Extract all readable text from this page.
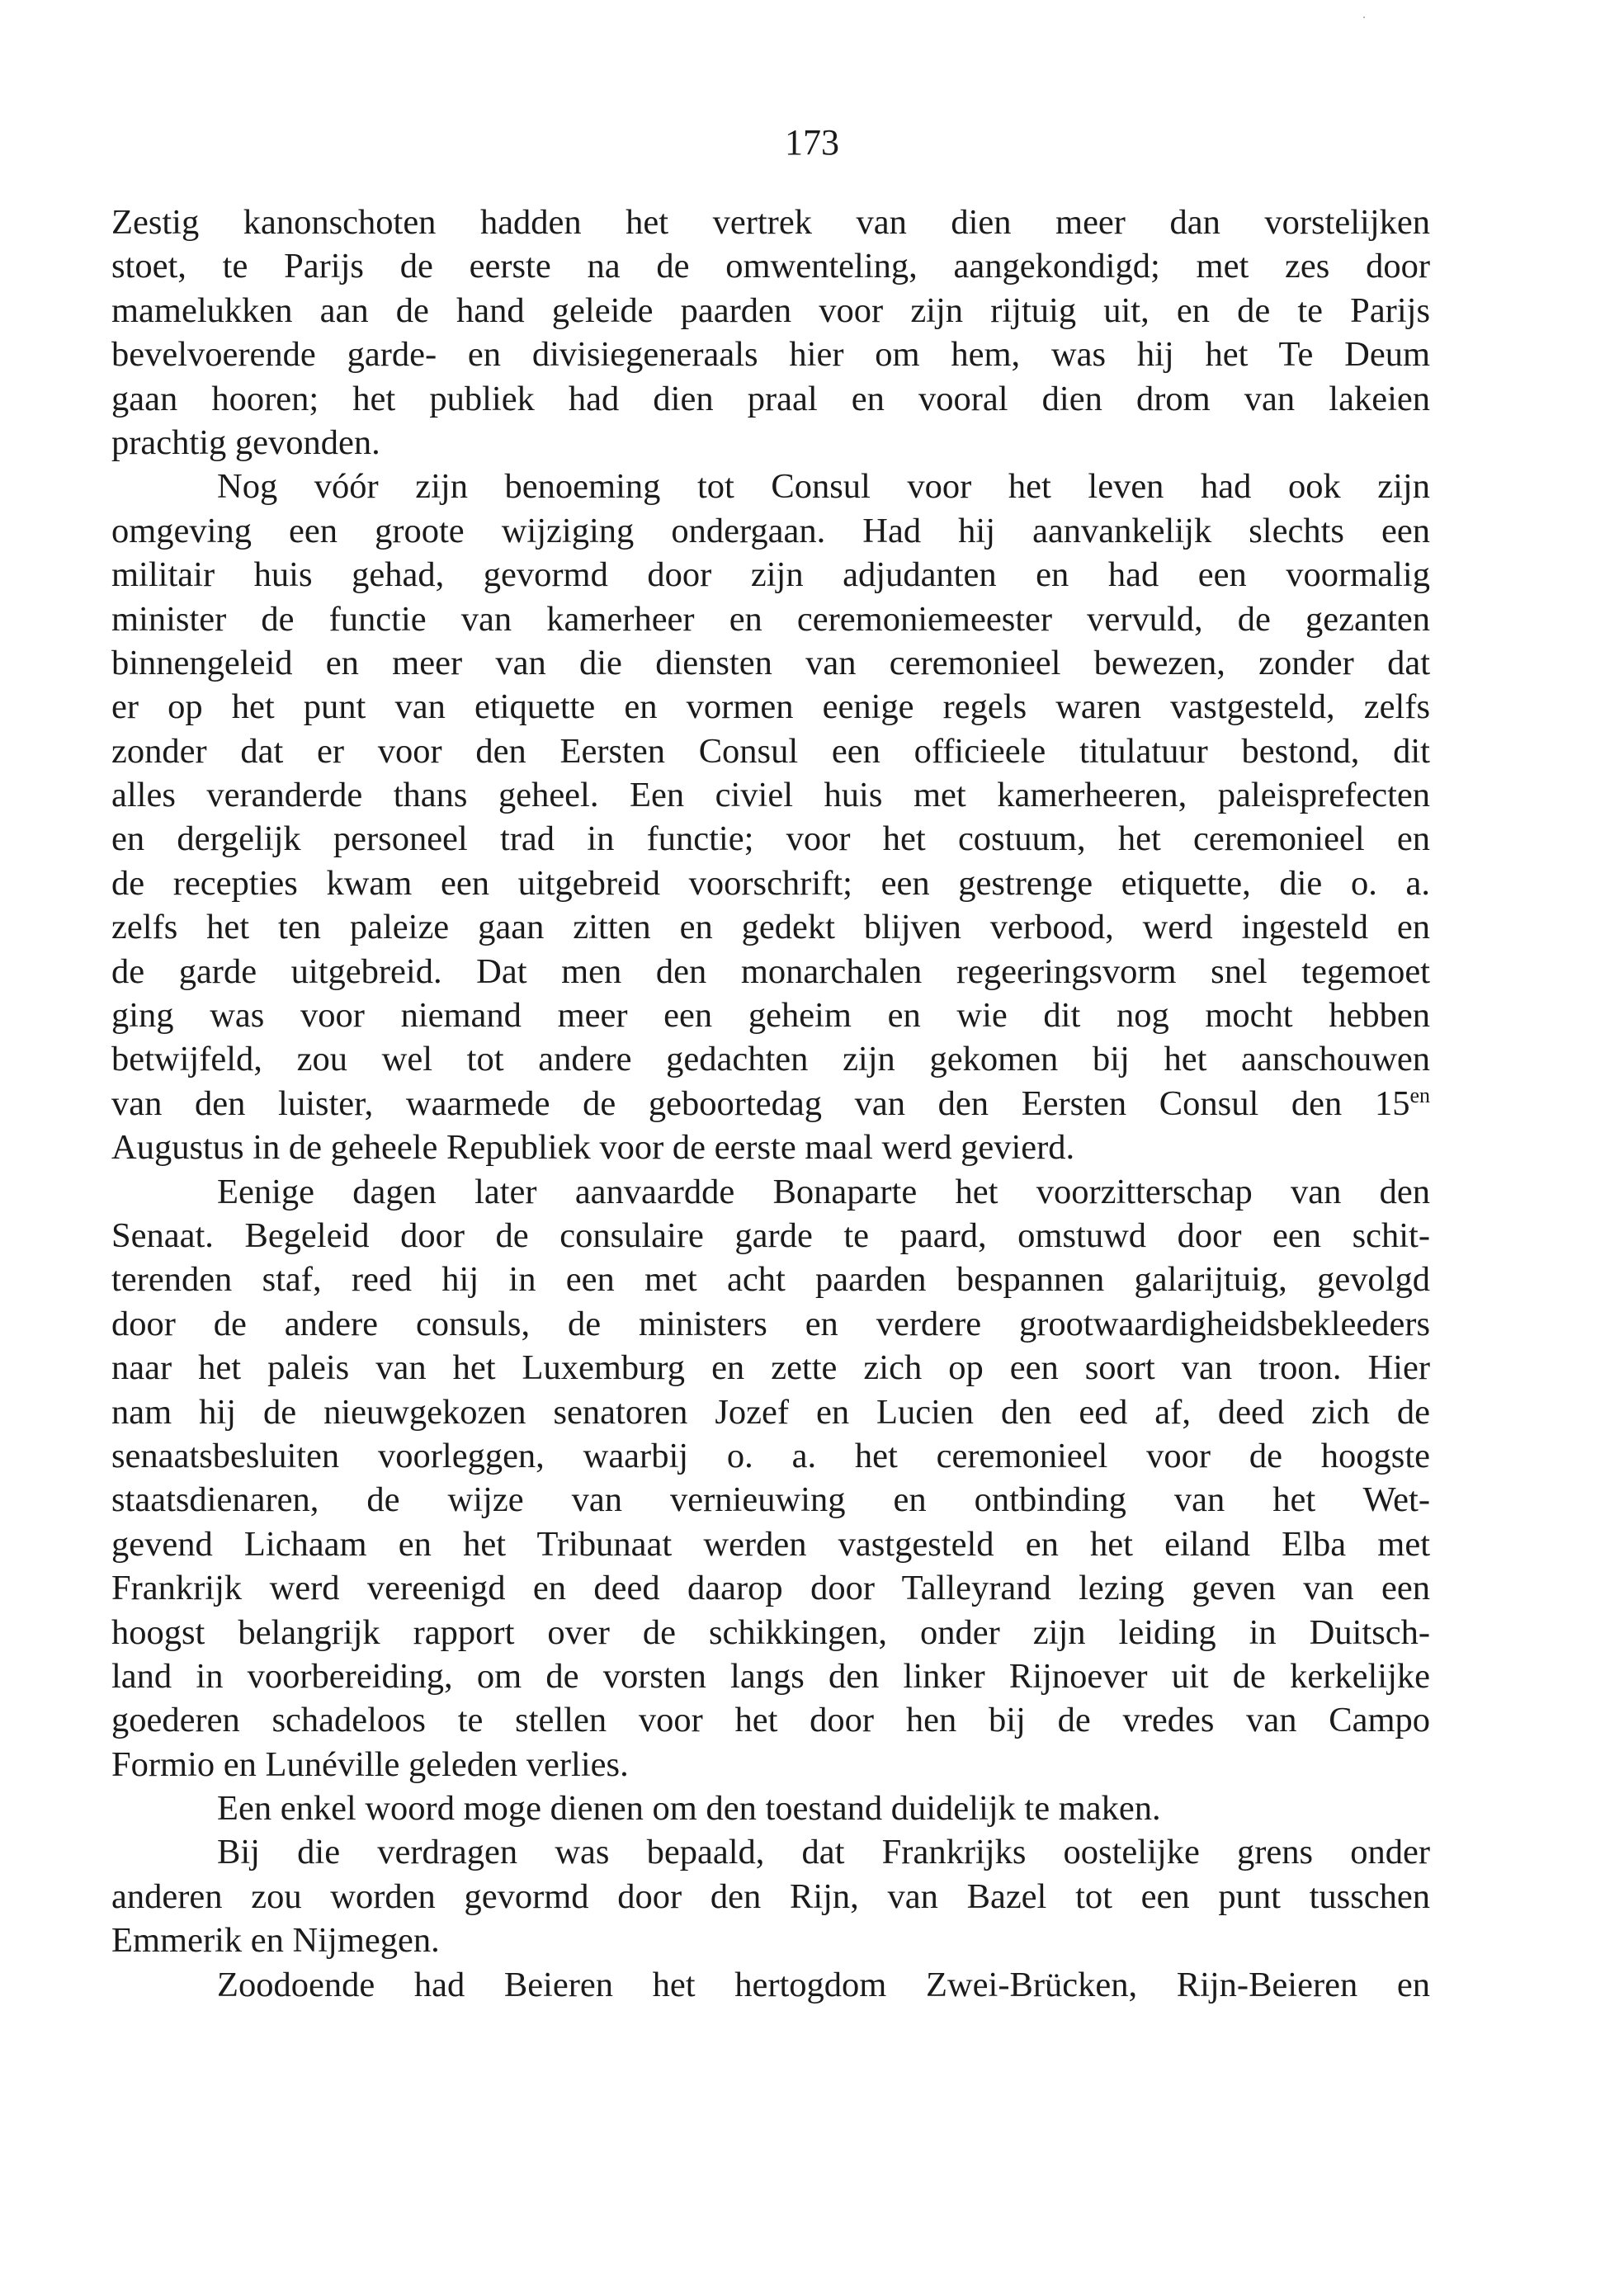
173
Zestig kanonschoten hadden het vertrek van dien meer dan vorstelijken
stoet, te Parijs de eerste na de omwenteling, aangekondigd; met zes door
mamelukken aan de hand geleide paarden voor zijn rijtuig uit, en de te Parijs
bevelvoerende garde- en divisiegeneraals hier om hem, was hij het Te Deum
gaan hooren; het publiek had dien praal en vooral dien drom van lakeien
prachtig gevonden.
Nog vóór zijn benoeming tot Consul voor het leven had ook zijn
omgeving een groote wijziging ondergaan. Had hij aanvankelijk slechts een
militair huis gehad, gevormd door zijn adjudanten en had een voormalig
minister de functie van kamerheer en ceremoniemeester vervuld, de gezanten
binnengeleid en meer van die diensten van ceremonieel bewezen, zonder dat
er op het punt van etiquette en vormen eenige regels waren vastgesteld, zelfs
zonder dat er voor den Eersten Consul een officieele titulatuur bestond, dit
alles veranderde thans geheel. Een civiel huis met kamerheeren, paleisprefecten
en dergelijk personeel trad in functie; voor het costuum, het ceremonieel en
de recepties kwam een uitgebreid voorschrift; een gestrenge etiquette, die o. a.
zelfs het ten paleize gaan zitten en gedekt blijven verbood, werd ingesteld en
de garde uitgebreid. Dat men den monarchalen regeeringsvorm snel tegemoet
ging was voor niemand meer een geheim en wie dit nog mocht hebben
betwijfeld, zou wel tot andere gedachten zijn gekomen bij het aanschouwen
van den luister, waarmede de geboortedag van den Eersten Consul den $15^{en}$
Augustus in de geheele Republiek voor de eerste maal werd gevierd.
Eenige dagen later aanvaardde Bonaparte het voorzitterschap van den
Senaat. Begeleid door de consulaire garde te paard, omstuwd door een schit-
terenden staf, reed hij in een met acht paarden bespannen galarijtuig, gevolgd
door de andere consuls, de ministers en verdere grootwaardigheidsbekleeders
naar het paleis van het Luxemburg en zette zich op een soort van troon. Hier
nam hij de nieuwgekozen senatoren Jozef en Lucien den eed af, deed zich de
senaatsbesluiten voorleggen, waarbij o. a. het ceremonieel voor de hoogste
staatsdienaren, de wijze van vernieuwing en ontbinding van het Wet-
gevend Lichaam en het Tribunaat werden vastgesteld en het eiland Elba met
Frankrijk werd vereenigd en deed daarop door Talleyrand lezing geven van een
hoogst belangrijk rapport over de schikkingen, onder zijn leiding in Duitsch-
land in voorbereiding, om de vorsten langs den linker Rijnoever uit de kerkelijke
goederen schadeloos te stellen voor het door hen bij de vredes van Campo
Formio en Lunéville geleden verlies.
Een enkel woord moge dienen om den toestand duidelijk te maken.
Bij die verdragen was bepaald, dat Frankrijks oostelijke grens onder
anderen zou worden gevormd door den Rijn, van Bazel tot een punt tusschen
Emmerik en Nijmegen.
Zoodoende had Beieren het hertogdom Zwei-Brücken, Rijn-Beieren en
